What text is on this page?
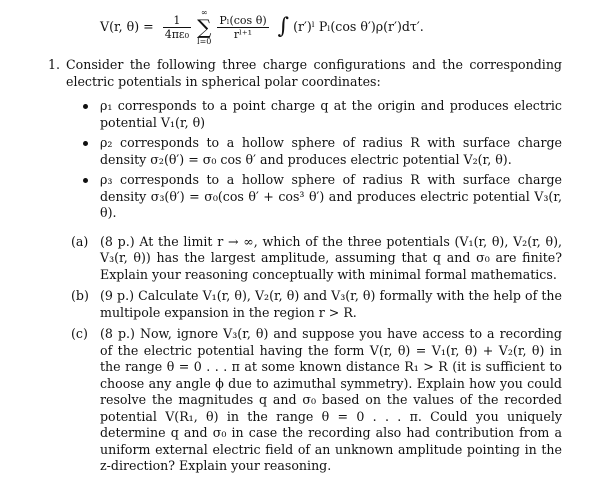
V(r, $\theta) = \frac{1}{\text{4πε₀}}$
∞
∑
l=0
$\frac{\text{Pₗ(cos θ)}}{\text{rˡ⁺¹}}$ ∫ (r′)ˡ Pₗ(cos θ′)ρ(r′)dτ′.
1. Consider the following three charge configurations and the corresponding electric potentials in spherical polar coordinates:

ρ₁ corresponds to a point charge q at the origin and produces electric potential V₁(r, θ)
ρ₂ corresponds to a hollow sphere of radius R with surface charge density σ₂(θ′) = σ₀ cos θ′ and produces electric potential V₂(r, θ).
ρ₃ corresponds to a hollow sphere of radius R with surface charge density σ₃(θ′) = σ₀(cos θ′ + cos³ θ′) and produces electric potential V₃(r, θ).
(a) (8 p.) At the limit r → ∞, which of the three potentials (V₁(r, θ), V₂(r, θ), V₃(r, θ)) has the largest amplitude, assuming that q and σ₀ are finite? Explain your reasoning conceptually with minimal formal mathematics.

(b) (9 p.) Calculate V₁(r, θ), V₂(r, θ) and V₃(r, θ) formally with the help of the multipole expansion in the region r > R.

(c) (8 p.) Now, ignore V₃(r, θ) and suppose you have access to a recording of the electric potential having the form V(r, θ) = V₁(r, θ) + V₂(r, θ) in the range θ = 0 . . . π at some known distance R₁ > R (it is sufficient to choose any angle ϕ due to azimuthal symmetry). Explain how you could resolve the magnitudes q and σ₀ based on the values of the recorded potential V(R₁, θ) in the range θ = 0 . . . π. Could you uniquely determine q and σ₀ in case the recording also had contribution from a uniform external electric field of an unknown amplitude pointing in the z-direction? Explain your reasoning.
